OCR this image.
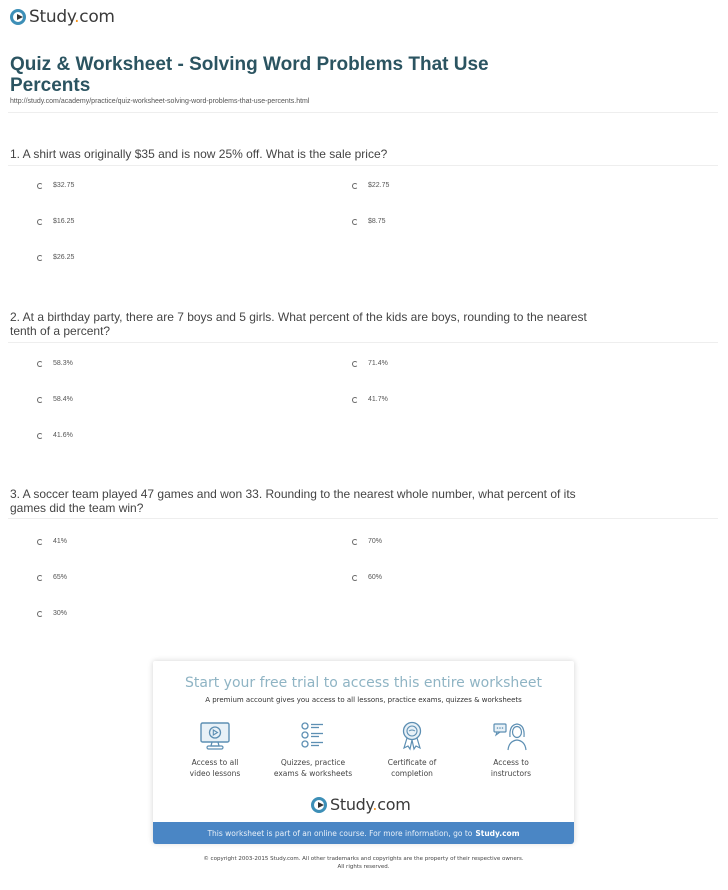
Study.com
Quiz & Worksheet - Solving Word Problems That Use Percents
http://study.com/academy/practice/quiz-worksheet-solving-word-problems-that-use-percents.html
1. A shirt was originally $35 and is now 25% off. What is the sale price?
$32.75	$22.75
$16.25	$8.75
$26.25
2. At a birthday party, there are 7 boys and 5 girls. What percent of the kids are boys, rounding to the nearest tenth of a percent?
58.3%	71.4%
58.4%	41.7%
41.6%
3. A soccer team played 47 games and won 33. Rounding to the nearest whole number, what percent of its games did the team win?
41%	70%
65%	60%
30%
Start your free trial to access this entire worksheet
A premium account gives you access to all lessons, practice exams, quizzes & worksheets
Access to all
video lessons
Quizzes, practice
exams & worksheets
Certificate of
completion
Access to
instructors
Study.com
This worksheet is part of an online course. For more information, go to Study.com
© copyright 2003-2015 Study.com. All other trademarks and copyrights are the property of their respective owners.
All rights reserved.
